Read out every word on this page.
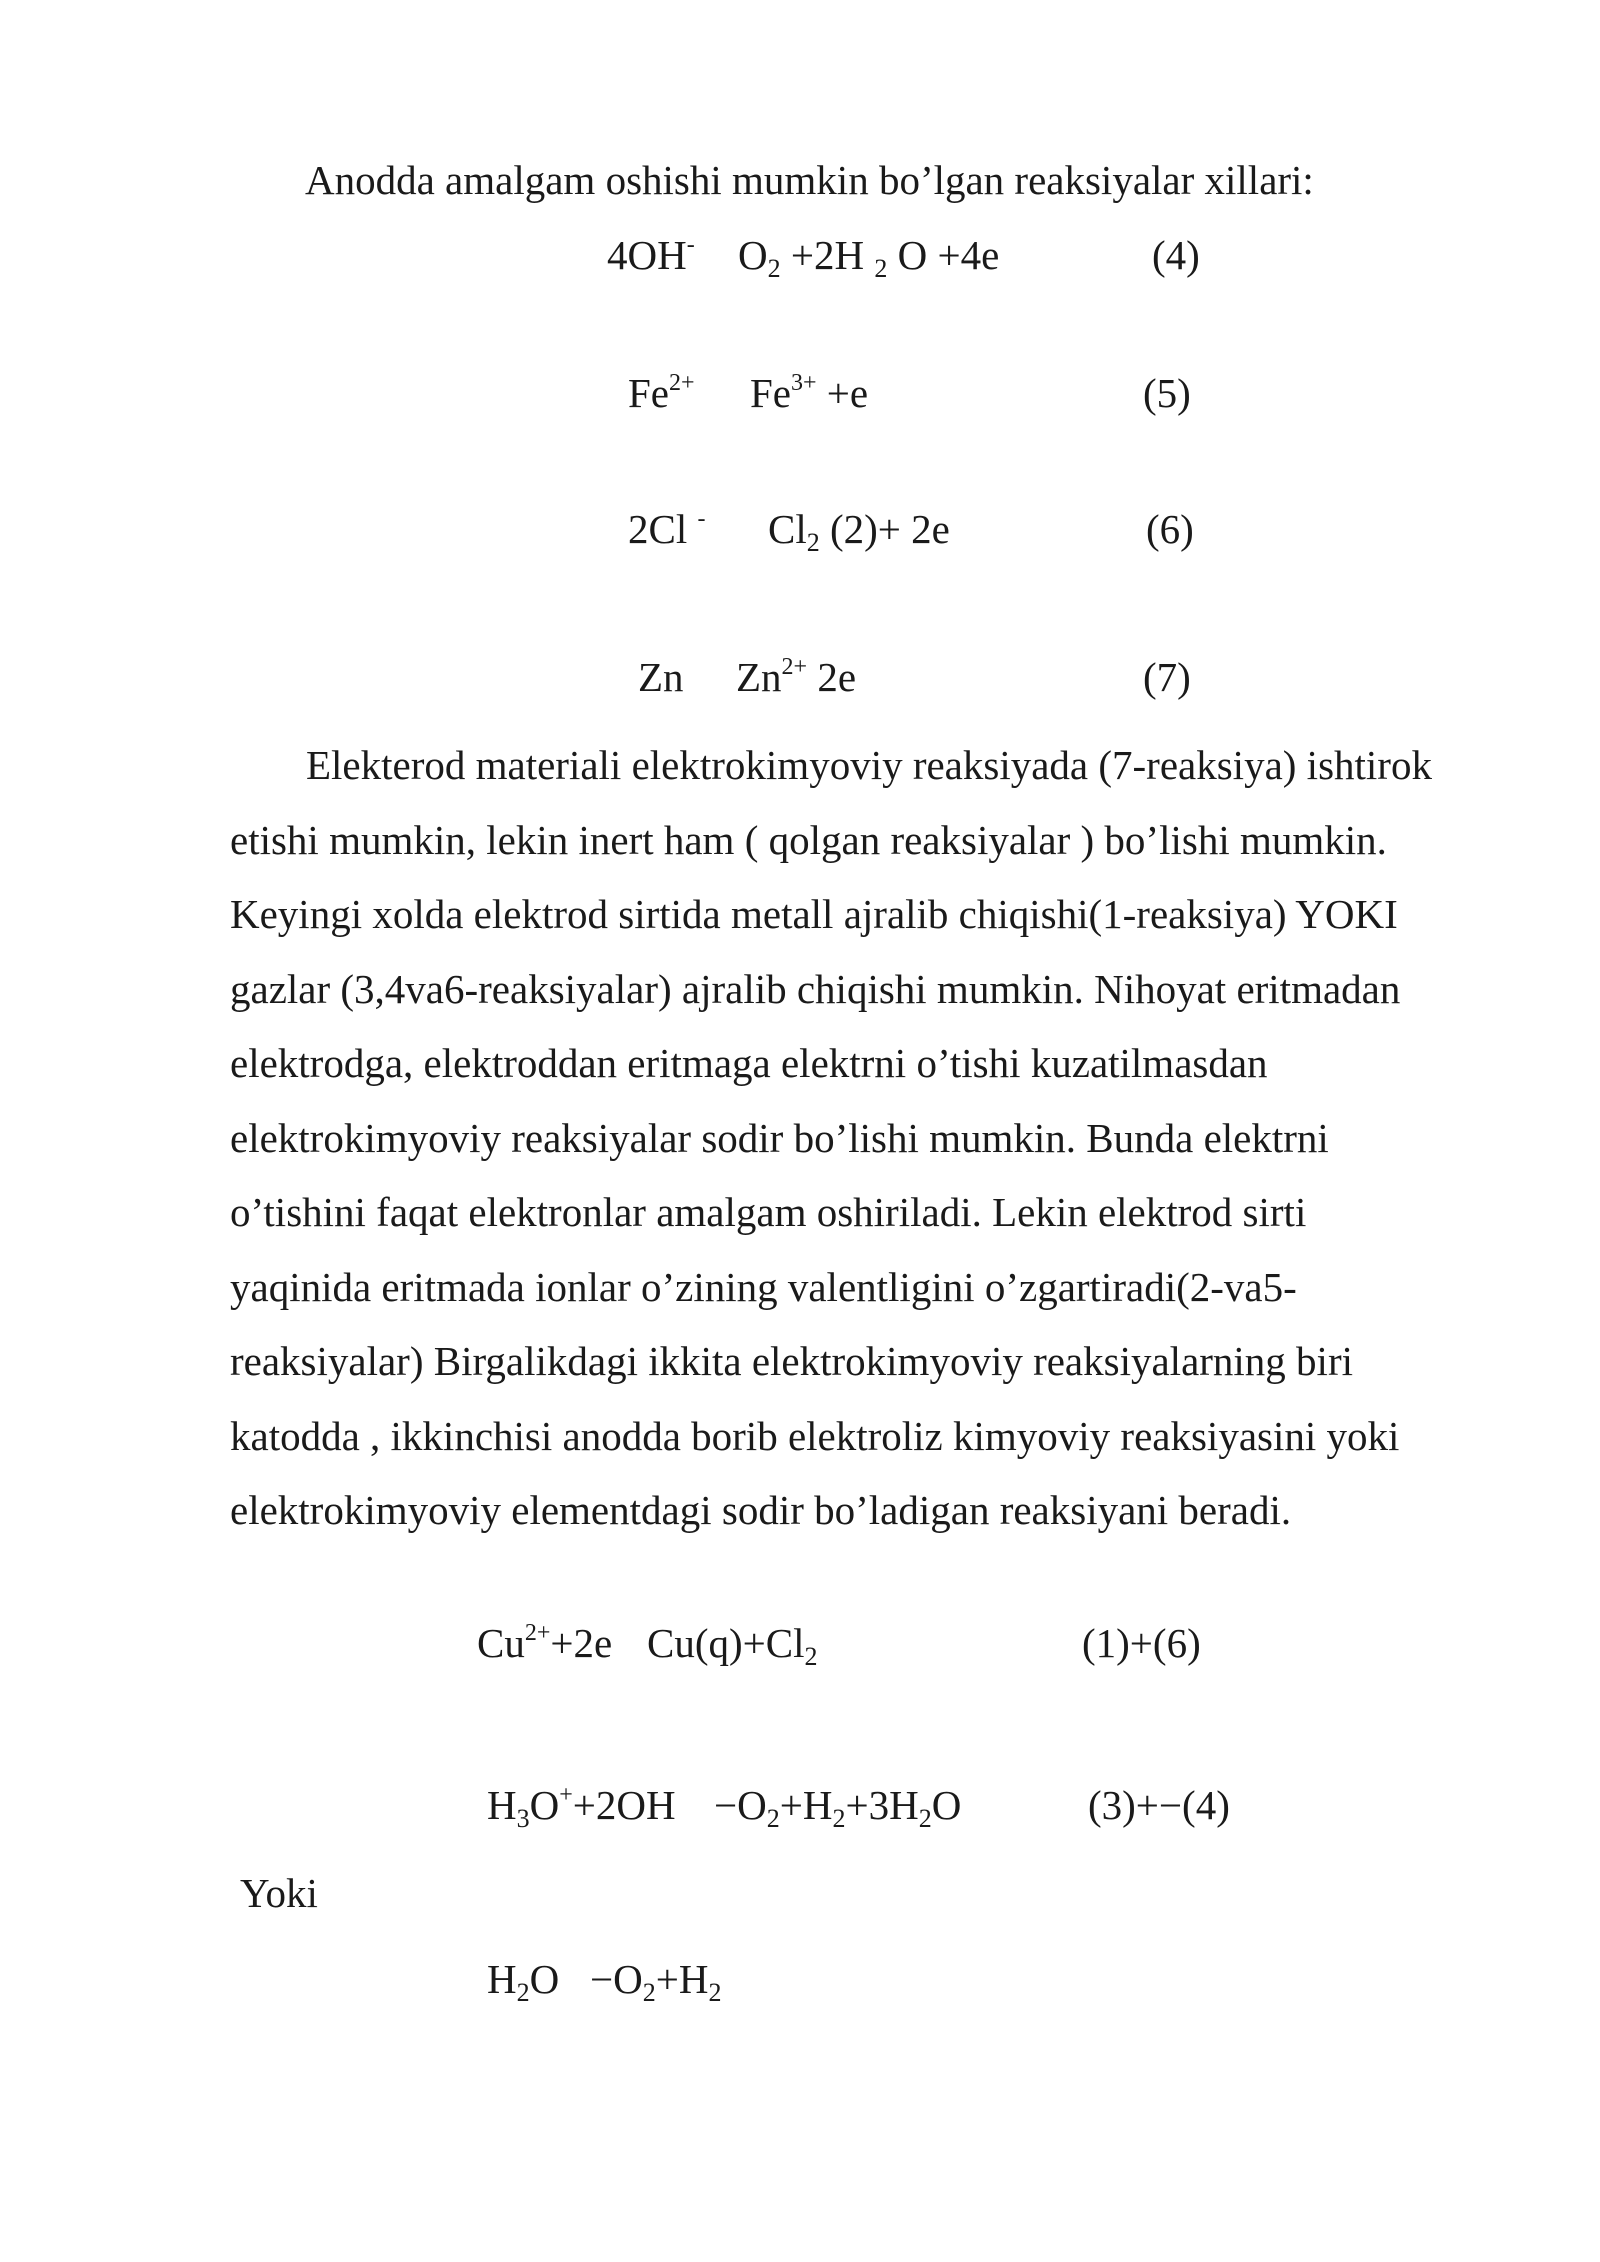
Anodda amalgam oshishi mumkin bo’lgan reaksiyalar xillari:
4OH- $O_2 +2H$ $_2$ O +4e	(4)
$Fe^{2+}$ $Fe^{3+} +e$	(5)
2Cl - $Cl_2$ (2)+ 2e	(6)
Zn $Zn^{2+}$ 2e	(7)
Elekterod materiali elektrokimyoviy reaksiyada (7-reaksiya) ishtirok
etishi mumkin, lekin inert ham ( qolgan reaksiyalar ) bo’lishi mumkin.
Keyingi xolda elektrod sirtida metall ajralib chiqishi(1-reaksiya) YOKI
gazlar (3,4va6-reaksiyalar) ajralib chiqishi mumkin. Nihoyat eritmadan
elektrodga, elektroddan eritmaga elektrni o’tishi kuzatilmasdan
elektrokimyoviy reaksiyalar sodir bo’lishi mumkin. Bunda elektrni
o’tishini faqat elektronlar amalgam oshiriladi. Lekin elektrod sirti
yaqinida eritmada ionlar o’zining valentligini o’zgartiradi(2-va5-
reaksiyalar) Birgalikdagi ikkita elektrokimyoviy reaksiyalarning biri
katodda , ikkinchisi anodda borib elektroliz kimyoviy reaksiyasini yoki
elektrokimyoviy elementdagi sodir bo’ladigan reaksiyani beradi.
$Cu^{2+}+2e$ $Cu(q)+Cl_2$	(1)+(6)
$H_3O^++2OH -O_2+H_2+3H_2O$	(3)+−(4)
Yoki
$H_2O -O_2+H_2$
